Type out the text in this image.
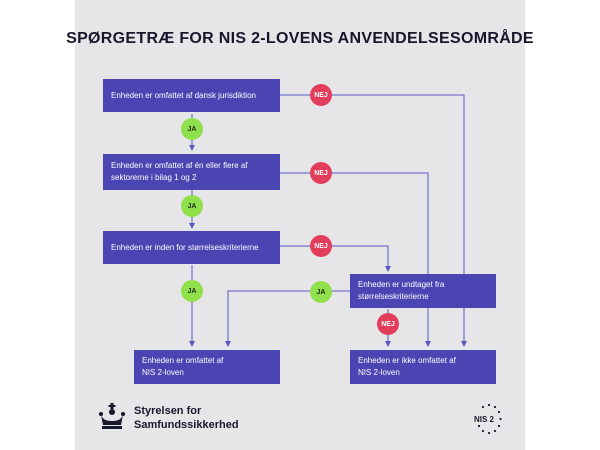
SPØRGETRÆ FOR NIS 2-LOVENS ANVENDELSESOMRÅDE
Enheden er omfattet af dansk jurisdiktion
Enheden er omfattet af én eller flere af
sektorerne i bilag 1 og 2
Enheden er inden for størrelseskriterierne
Enheden er undtaget fra
størrelseskriterierne
Enheden er omfattet af
NIS 2-loven
Enheden er ikke omfattet af
NIS 2-loven
JA
JA
JA	JA
NEJ
NEJ
NEJ
NEJ
Styrelsen for
Samfundssikkerhed	NIS 2
